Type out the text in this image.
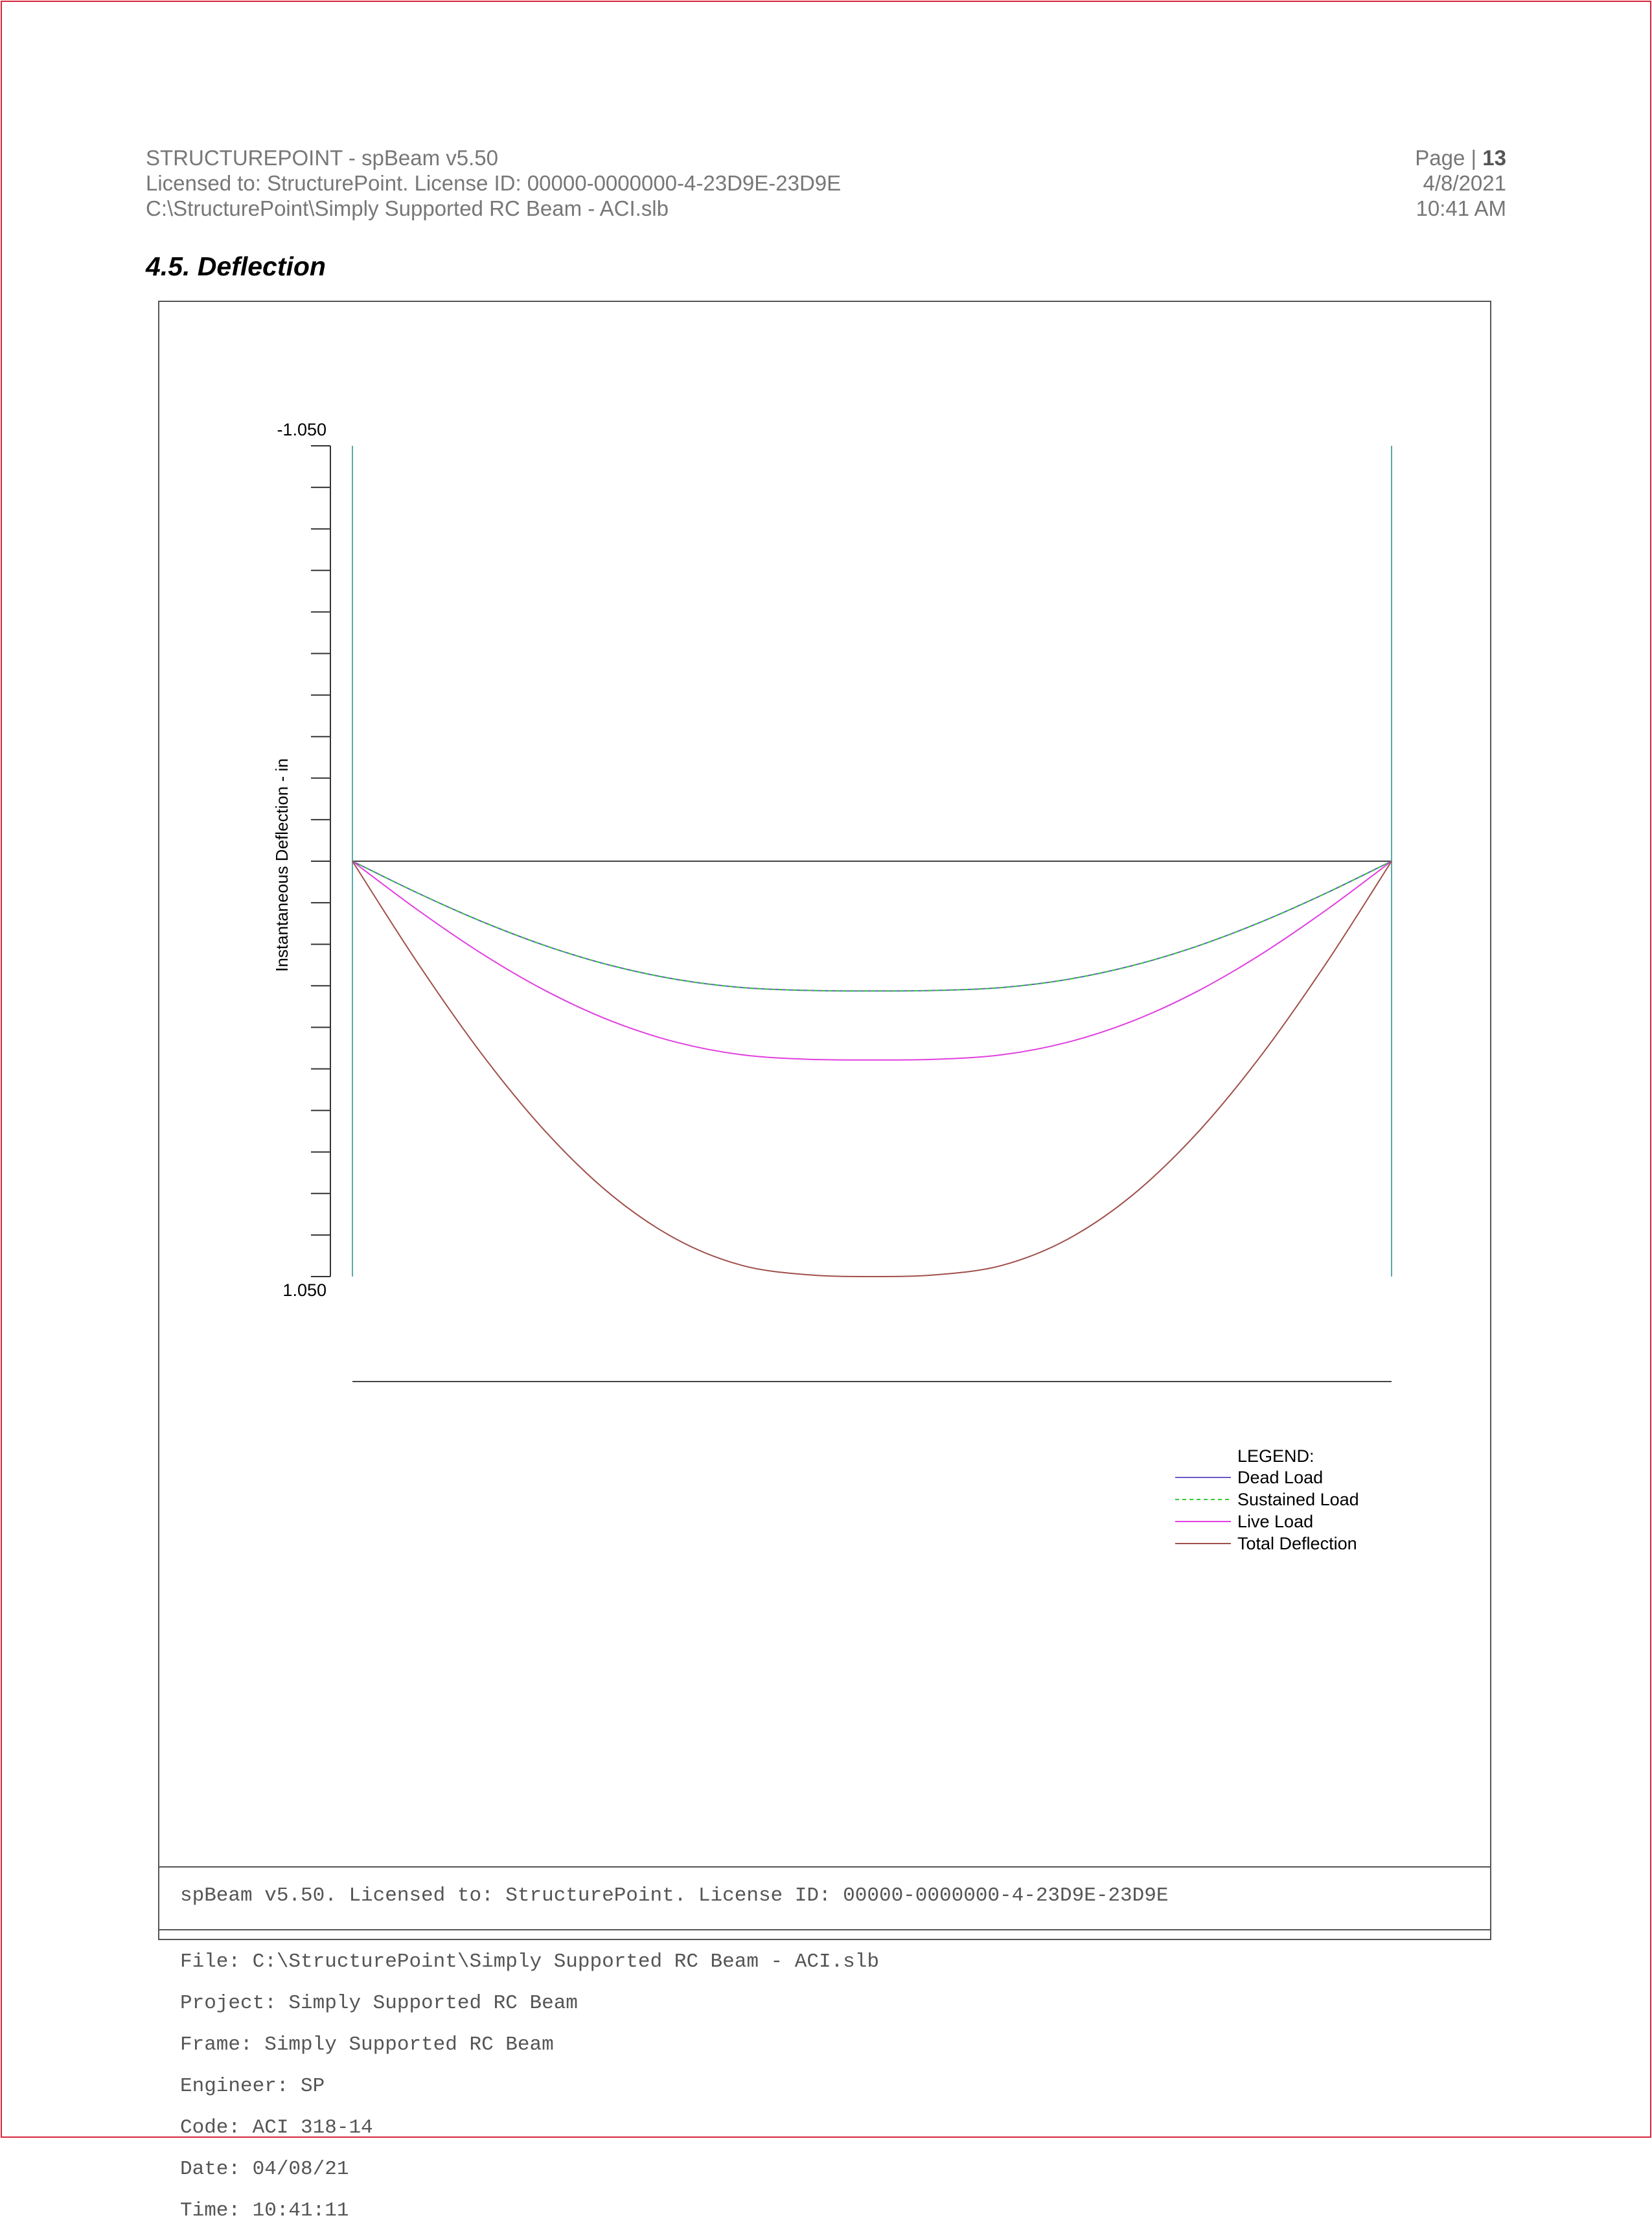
STRUCTUREPOINT - spBeam v5.50
Licensed to: StructurePoint. License ID: 00000-0000000-4-23D9E-23D9E
C:\StructurePoint\Simply Supported RC Beam - ACI.slb
Page | 13
4/8/2021
10:41 AM
4.5. Deflection
-1.050
1.050
Instantaneous Deflection - in
LEGEND:
Dead Load
Sustained Load
Live Load
Total Deflection
spBeam v5.50. Licensed to: StructurePoint. License ID: 00000-0000000-4-23D9E-23D9E
File: C:\StructurePoint\Simply Supported RC Beam - ACI.slb
Project: Simply Supported RC Beam
Frame: Simply Supported RC Beam
Engineer: SP
Code: ACI 318-14
Date: 04/08/21
Time: 10:41:11
